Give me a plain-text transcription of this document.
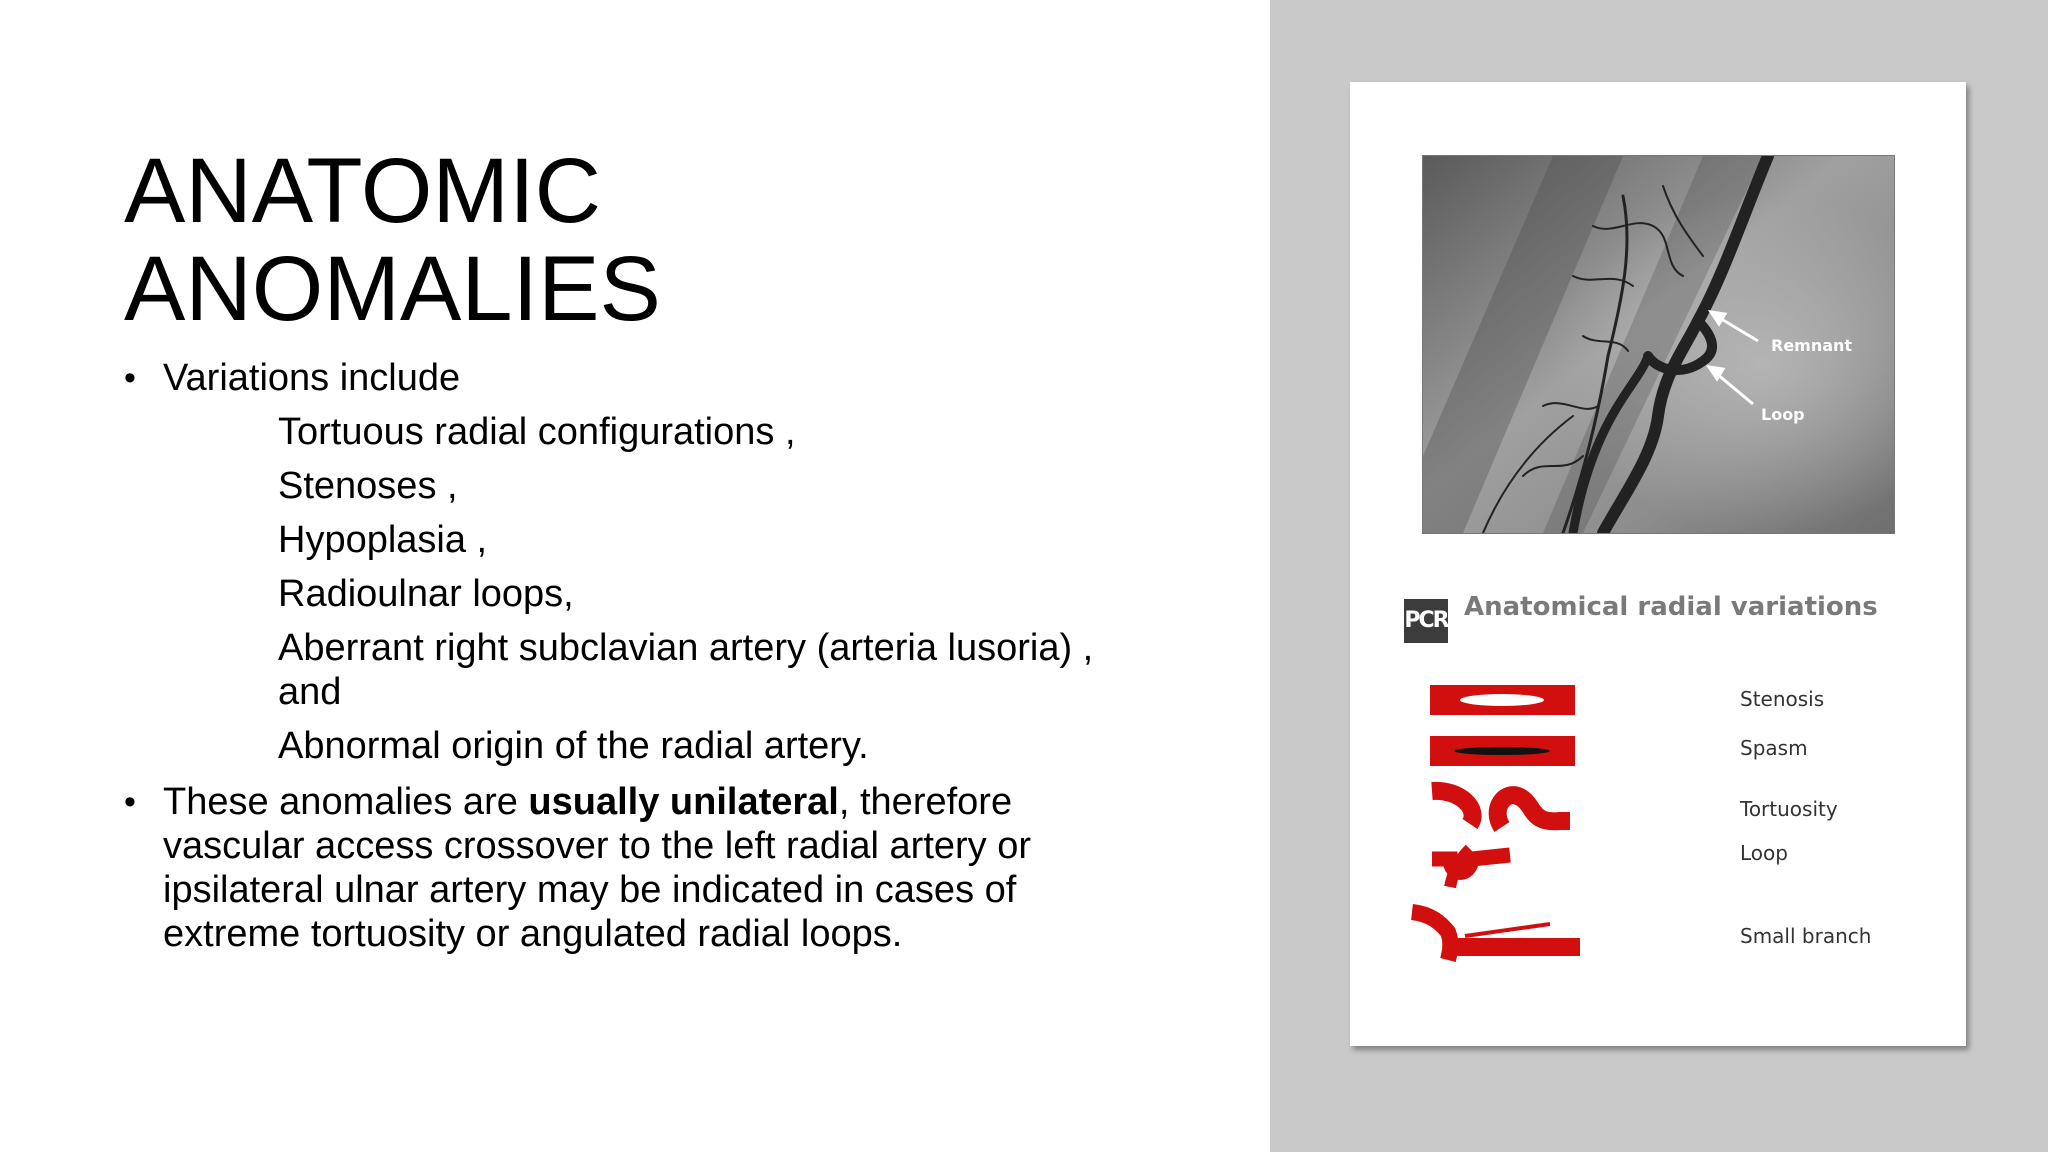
ANATOMIC
ANOMALIES
• Variations include
Tortuous radial configurations ,
Stenoses ,
Hypoplasia ,
Radioulnar loops,
Aberrant right subclavian artery (arteria lusoria) , and
Abnormal origin of the radial artery.
• These anomalies are usually unilateral, therefore vascular access crossover to the left radial artery or ipsilateral ulnar artery may be indicated in cases of extreme tortuosity or angulated radial loops.
Remnant
Loop
PCR Anatomical radial variations
Stenosis
Spasm
Tortuosity
Loop
Small branch
